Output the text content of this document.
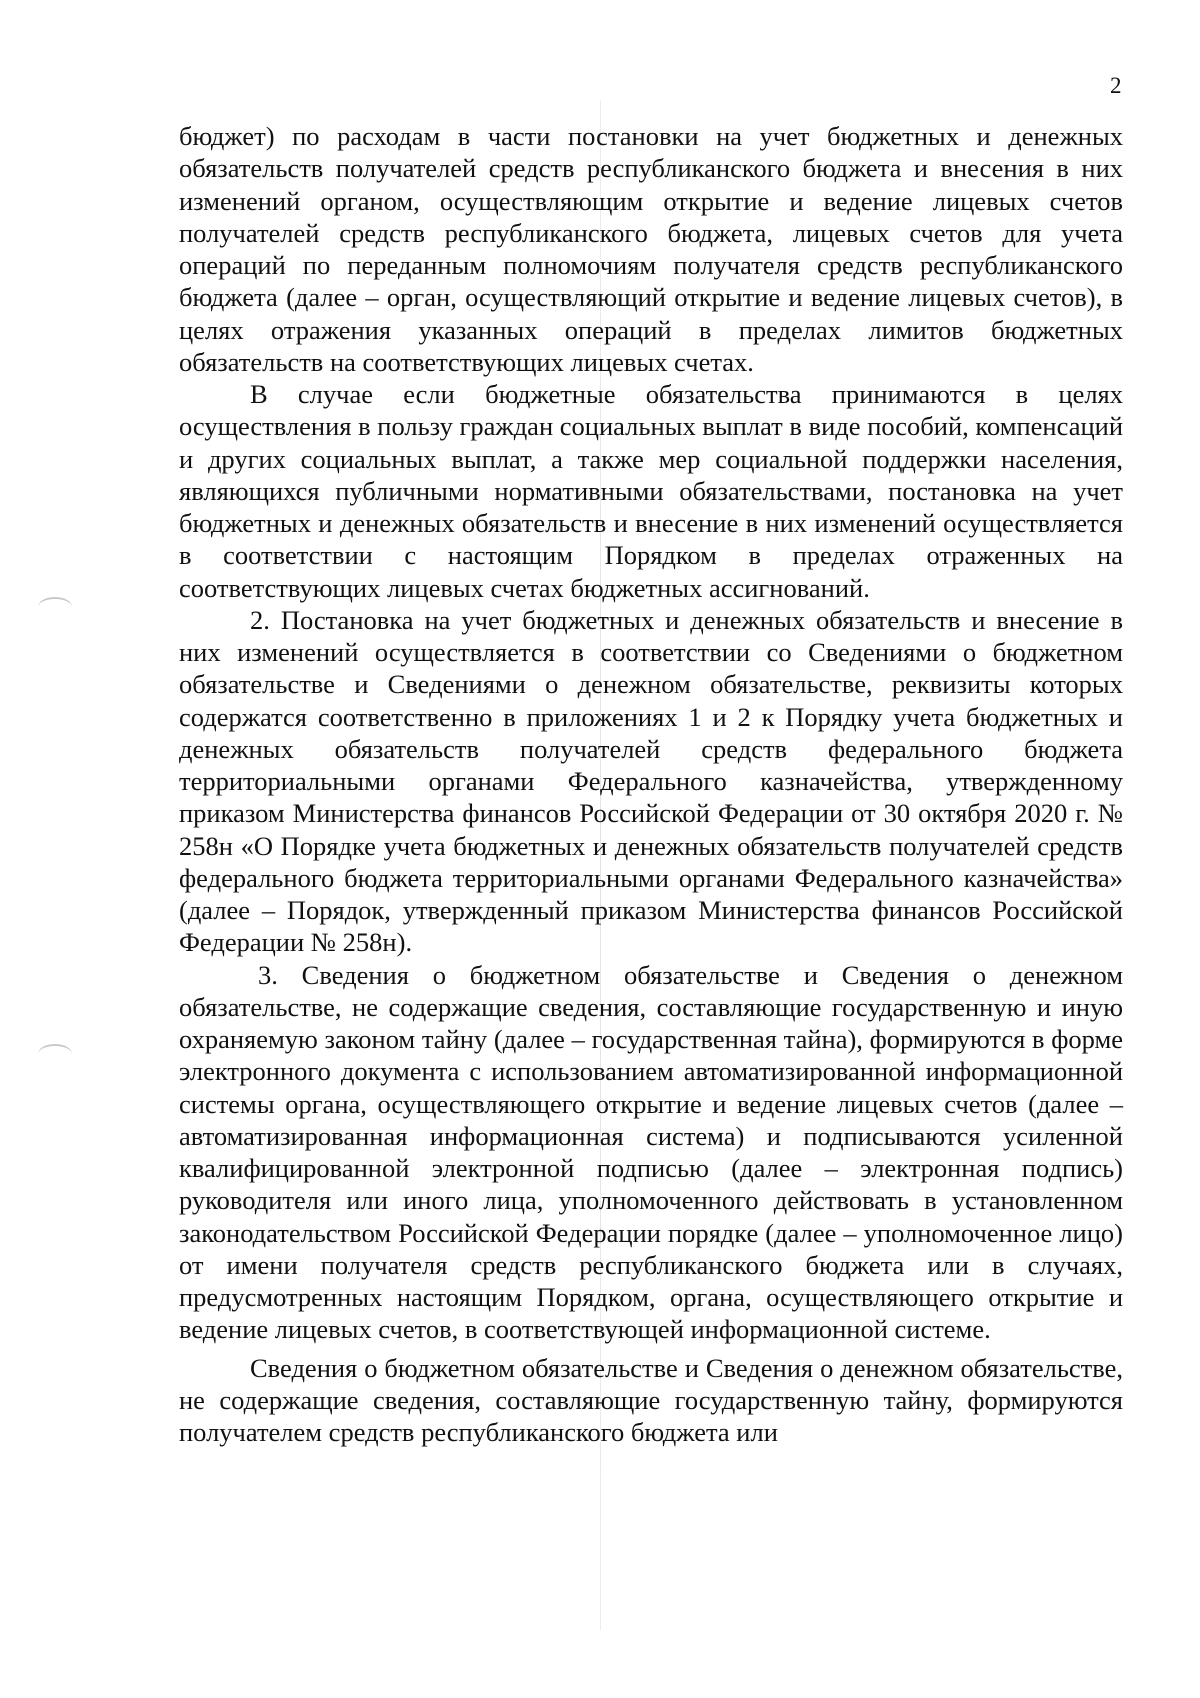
2

бюджет) по расходам в части постановки на учет бюджетных и денежных обязательств получателей средств республиканского бюджета и внесения в них изменений органом, осуществляющим открытие и ведение лицевых счетов получателей средств республиканского бюджета, лицевых счетов для учета операций по переданным полномочиям получателя средств республиканского бюджета (далее – орган, осуществляющий открытие и ведение лицевых счетов), в целях отражения указанных операций в пределах лимитов бюджетных обязательств на соответствующих лицевых счетах.

В случае если бюджетные обязательства принимаются в целях осуществления в пользу граждан социальных выплат в виде пособий, компенсаций и других социальных выплат, а также мер социальной поддержки населения, являющихся публичными нормативными обязательствами, постановка на учет бюджетных и денежных обязательств и внесение в них изменений осуществляется в соответствии с настоящим Порядком в пределах отраженных на соответствующих лицевых счетах бюджетных ассигнований.

2. Постановка на учет бюджетных и денежных обязательств и внесение в них изменений осуществляется в соответствии со Сведениями о бюджетном обязательстве и Сведениями о денежном обязательстве, реквизиты которых содержатся соответственно в приложениях 1 и 2 к Порядку учета бюджетных и денежных обязательств получателей средств федерального бюджета территориальными органами Федерального казначейства, утвержденному приказом Министерства финансов Российской Федерации от 30 октября 2020 г. № 258н «О Порядке учета бюджетных и денежных обязательств получателей средств федерального бюджета территориальными органами Федерального казначейства» (далее – Порядок, утвержденный приказом Министерства финансов Российской Федерации № 258н).

3. Сведения о бюджетном обязательстве и Сведения о денежном обязательстве, не содержащие сведения, составляющие государственную и иную охраняемую законом тайну (далее – государственная тайна), формируются в форме электронного документа с использованием автоматизированной информационной системы органа, осуществляющего открытие и ведение лицевых счетов (далее – автоматизированная информационная система) и подписываются усиленной квалифицированной электронной подписью (далее – электронная подпись) руководителя или иного лица, уполномоченного действовать в установленном законодательством Российской Федерации порядке (далее – уполномоченное лицо) от имени получателя средств республиканского бюджета или в случаях, предусмотренных настоящим Порядком, органа, осуществляющего открытие и ведение лицевых счетов, в соответствующей информационной системе.

Сведения о бюджетном обязательстве и Сведения о денежном обязательстве, не содержащие сведения, составляющие государственную тайну, формируются получателем средств республиканского бюджета или
